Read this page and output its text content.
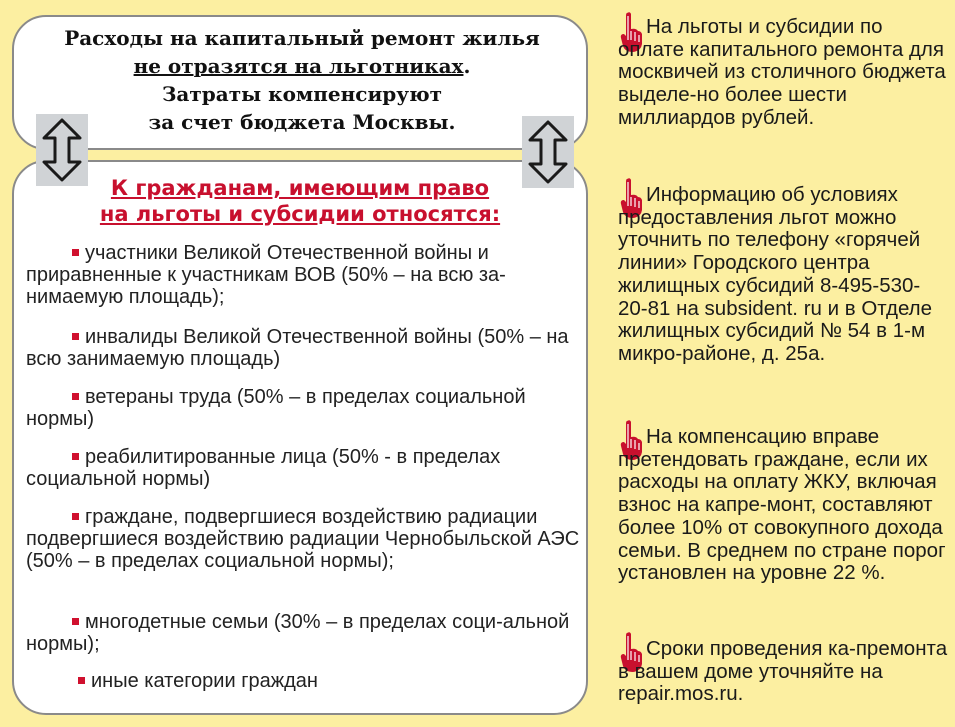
Расходы на капитальный ремонт жилья
не отразятся на льготниках.
Затраты компенсируют
за счет бюджета Москвы.
К гражданам, имеющим право
на льготы и субсидии относятся:
участники Великой Отечественной войны и приравненные к участникам ВОВ (50% – на всю за-нимаемую площадь);
инвалиды Великой Отечественной войны (50% – на всю занимаемую площадь)
ветераны труда (50% – в пределах социальной нормы)
реабилитированные лица (50% - в пределах социальной нормы)
граждане, подвергшиеся воздействию радиации подвергшиеся воздействию радиации Чернобыльской АЭС (50% – в пределах социальной нормы);
многодетные семьи (30% – в пределах соци-альной нормы);
иные категории граждан
На льготы и субсидии по оплате капитального ремонта для москвичей из столичного бюджета выделе-но более шести миллиардов рублей.
Информацию об условиях предоставления льгот можно уточнить по телефону «горячей линии» Городского центра жилищных субсидий 8-495-530-20-81 на subsident. ru и в Отделе жилищных субсидий № 54 в 1-м микро-районе, д. 25а.
На компенсацию вправе претендовать граждане, если их расходы на оплату ЖКУ, включая взнос на капре-монт, составляют более 10% от совокупного дохода семьи. В среднем по стране порог установлен на уровне 22 %.
Сроки проведения ка-премонта в вашем доме уточняйте на repair.mos.ru.
